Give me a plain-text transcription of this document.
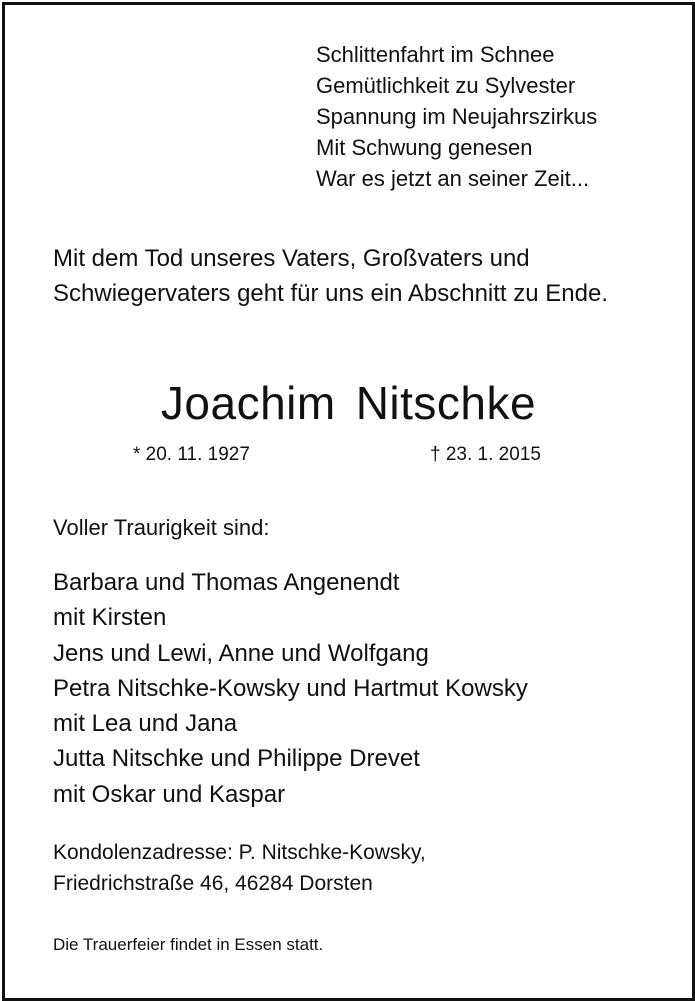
Schlittenfahrt im Schnee
Gemütlichkeit zu Sylvester
Spannung im Neujahrszirkus
Mit Schwung genesen
War es jetzt an seiner Zeit...
Mit dem Tod unseres Vaters, Großvaters und Schwiegervaters geht für uns ein Abschnitt zu Ende.
Joachim Nitschke
* 20. 11. 1927	† 23. 1. 2015
Voller Traurigkeit sind:
Barbara und Thomas Angenendt
mit Kirsten
Jens und Lewi, Anne und Wolfgang
Petra Nitschke-Kowsky und Hartmut Kowsky
mit Lea und Jana
Jutta Nitschke und Philippe Drevet
mit Oskar und Kaspar
Kondolenzadresse: P. Nitschke-Kowsky,
Friedrichstraße 46, 46284 Dorsten
Die Trauerfeier findet in Essen statt.
